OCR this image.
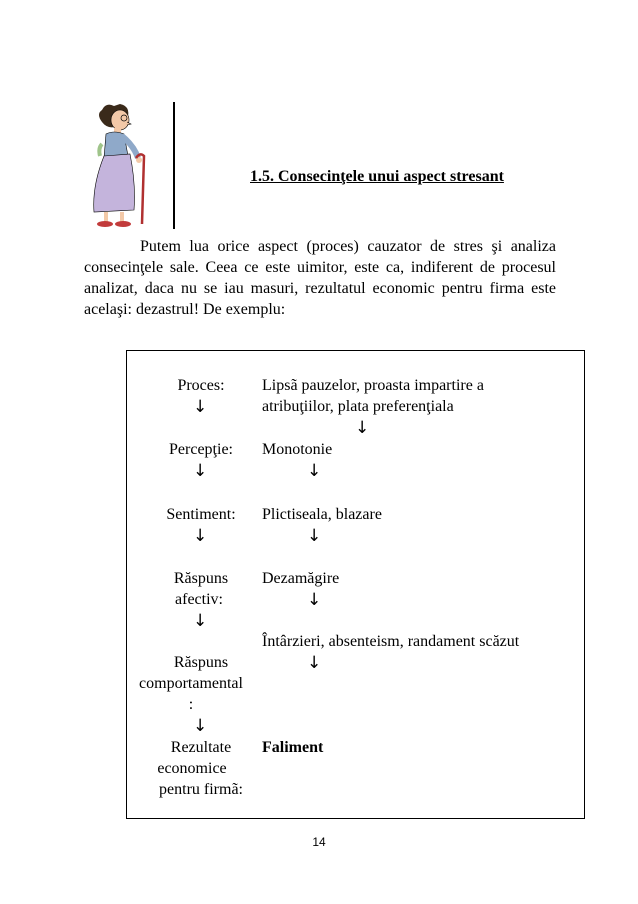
1.5. Consecinţele unui aspect stresant

Putem lua orice aspect (proces) cauzator de stres şi analiza consecinţele sale. Ceea ce este uimitor, este ca, indiferent de procesul analizat, daca nu se iau masuri, rezultatul economic pentru firma este acelaşi: dezastrul! De exemplu:

Proces:
↓
Percepţie:
↓
Sentiment:
↓
Răspuns
afectiv:
↓
Răspuns
comportamental
:
↓
Rezultate
economice
pentru firmã:
Lipsã pauzelor, proasta impartire a
atribuţiilor, plata preferenţiala
↓
Monotonie
↓
Plictiseala, blazare
↓
Dezamăgire
↓
Întârzieri, absenteism, randament scăzut
↓
Faliment
14
